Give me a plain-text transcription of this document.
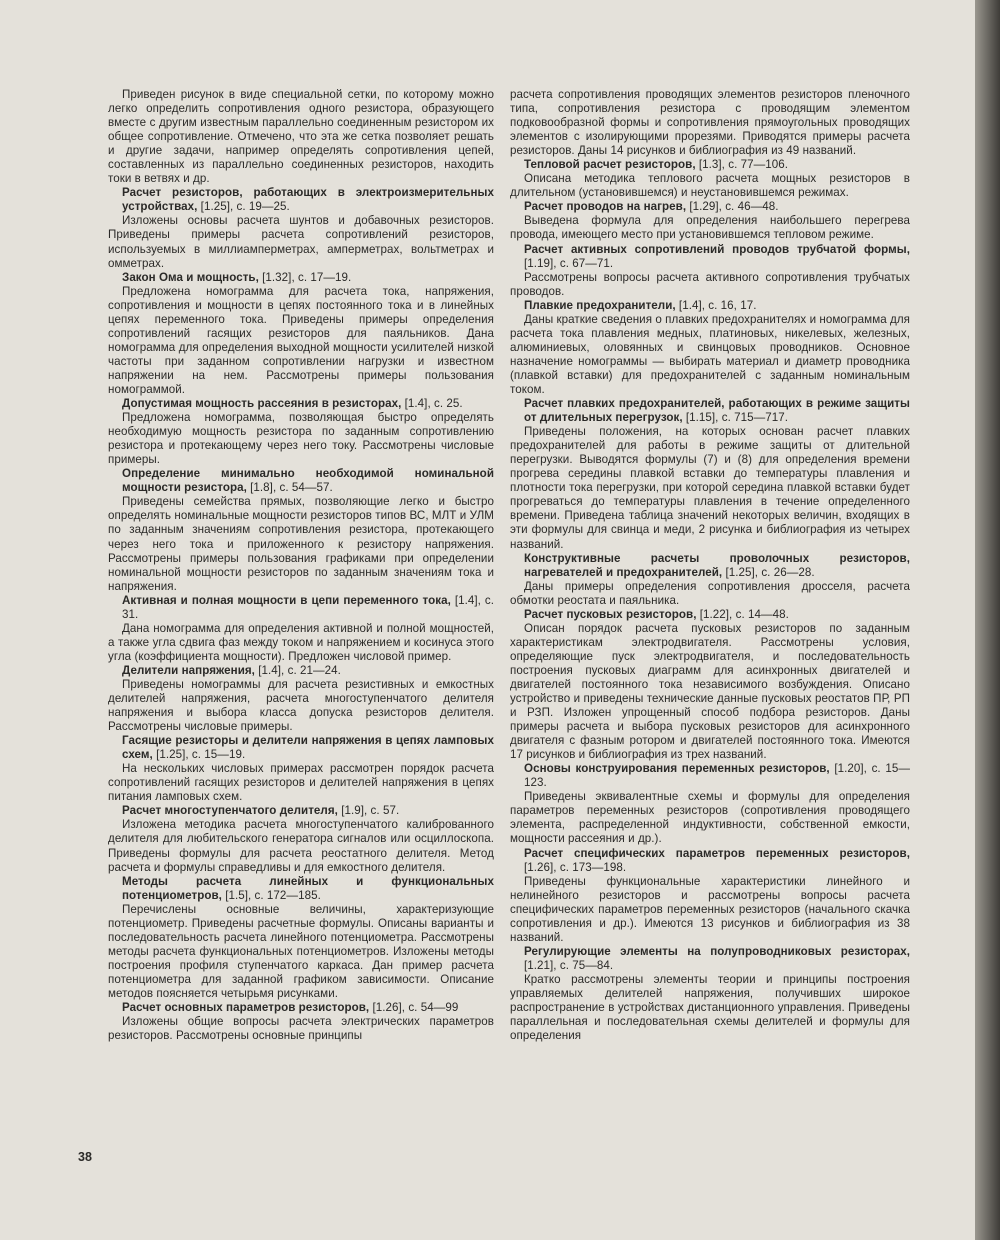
Приведен рисунок в виде специальной сетки, по которому можно легко определить сопротивления одного резистора, образующего вместе с другим известным параллельно соединенным резистором их общее сопротивление. Отмечено, что эта же сетка позволяет решать и другие задачи, например определять сопротивления цепей, составленных из параллельно соединенных резисторов, находить токи в ветвях и др.
Расчет резисторов, работающих в электроизмерительных устройствах, [1.25], с. 19—25.
Изложены основы расчета шунтов и добавочных резисторов. Приведены примеры расчета сопротивлений резисторов, используемых в миллиамперметрах, амперметрах, вольтметрах и омметрах.
Закон Ома и мощность, [1.32], с. 17—19.
Предложена номограмма для расчета тока, напряжения, сопротивления и мощности в цепях постоянного тока и в линейных цепях переменного тока. Приведены примеры определения сопротивлений гасящих резисторов для паяльников. Дана номограмма для определения выходной мощности усилителей низкой частоты при заданном сопротивлении нагрузки и известном напряжении на нем. Рассмотрены примеры пользования номограммой.
Допустимая мощность рассеяния в резисторах, [1.4], с. 25.
Предложена номограмма, позволяющая быстро определять необходимую мощность резистора по заданным сопротивлению резистора и протекающему через него току. Рассмотрены числовые примеры.
Определение минимально необходимой номинальной мощности резистора, [1.8], с. 54—57.
Приведены семейства прямых, позволяющие легко и быстро определять номинальные мощности резисторов типов ВС, МЛТ и УЛМ по заданным значениям сопротивления резистора, протекающего через него тока и приложенного к резистору напряжения. Рассмотрены примеры пользования графиками при определении номинальной мощности резисторов по заданным значениям тока и напряжения.
Активная и полная мощности в цепи переменного тока, [1.4], с. 31.
Дана номограмма для определения активной и полной мощностей, а также угла сдвига фаз между током и напряжением и косинуса этого угла (коэффициента мощности). Предложен числовой пример.
Делители напряжения, [1.4], с. 21—24.
Приведены номограммы для расчета резистивных и емкостных делителей напряжения, расчета многоступенчатого делителя напряжения и выбора класса допуска резисторов делителя. Рассмотрены числовые примеры.
Гасящие резисторы и делители напряжения в цепях ламповых схем, [1.25], с. 15—19.
На нескольких числовых примерах рассмотрен порядок расчета сопротивлений гасящих резисторов и делителей напряжения в цепях питания ламповых схем.
Расчет многоступенчатого делителя, [1.9], с. 57.
Изложена методика расчета многоступенчатого калиброванного делителя для любительского генератора сигналов или осциллоскопа. Приведены формулы для расчета реостатного делителя. Метод расчета и формулы справедливы и для емкостного делителя.
Методы расчета линейных и функциональных потенциометров, [1.5], с. 172—185.
Перечислены основные величины, характеризующие потенциометр. Приведены расчетные формулы. Описаны варианты и последовательность расчета линейного потенциометра. Рассмотрены методы расчета функциональных потенциометров. Изложены методы построения профиля ступенчатого каркаса. Дан пример расчета потенциометра для заданной графиком зависимости. Описание методов поясняется четырьмя рисунками.
Расчет основных параметров резисторов, [1.26], с. 54—99
Изложены общие вопросы расчета электрических параметров резисторов. Рассмотрены основные принципы
расчета сопротивления проводящих элементов резисторов пленочного типа, сопротивления резистора с проводящим элементом подковообразной формы и сопротивления прямоугольных проводящих элементов с изолирующими прорезями. Приводятся примеры расчета резисторов. Даны 14 рисунков и библиография из 49 названий.
Тепловой расчет резисторов, [1.3], с. 77—106.
Описана методика теплового расчета мощных резисторов в длительном (установившемся) и неустановившемся режимах.
Расчет проводов на нагрев, [1.29], с. 46—48.
Выведена формула для определения наибольшего перегрева провода, имеющего место при установившемся тепловом режиме.
Расчет активных сопротивлений проводов трубчатой формы, [1.19], с. 67—71.
Рассмотрены вопросы расчета активного сопротивления трубчатых проводов.
Плавкие предохранители, [1.4], с. 16, 17.
Даны краткие сведения о плавких предохранителях и номограмма для расчета тока плавления медных, платиновых, никелевых, железных, алюминиевых, оловянных и свинцовых проводников. Основное назначение номограммы — выбирать материал и диаметр проводника (плавкой вставки) для предохранителей с заданным номинальным током.
Расчет плавких предохранителей, работающих в режиме защиты от длительных перегрузок, [1.15], с. 715—717.
Приведены положения, на которых основан расчет плавких предохранителей для работы в режиме защиты от длительной перегрузки. Выводятся формулы (7) и (8) для определения времени прогрева середины плавкой вставки до температуры плавления и плотности тока перегрузки, при которой середина плавкой вставки будет прогреваться до температуры плавления в течение определенного времени. Приведена таблица значений некоторых величин, входящих в эти формулы для свинца и меди, 2 рисунка и библиография из четырех названий.
Конструктивные расчеты проволочных резисторов, нагревателей и предохранителей, [1.25], с. 26—28.
Даны примеры определения сопротивления дросселя, расчета обмотки реостата и паяльника.
Расчет пусковых резисторов, [1.22], с. 14—48.
Описан порядок расчета пусковых резисторов по заданным характеристикам электродвигателя. Рассмотрены условия, определяющие пуск электродвигателя, и последовательность построения пусковых диаграмм для асинхронных двигателей и двигателей постоянного тока независимого возбуждения. Описано устройство и приведены технические данные пусковых реостатов ПР, РП и РЗП. Изложен упрощенный способ подбора резисторов. Даны примеры расчета и выбора пусковых резисторов для асинхронного двигателя с фазным ротором и двигателей постоянного тока. Имеются 17 рисунков и библиография из трех названий.
Основы конструирования переменных резисторов, [1.20], с. 15—123.
Приведены эквивалентные схемы и формулы для определения параметров переменных резисторов (сопротивления проводящего элемента, распределенной индуктивности, собственной емкости, мощности рассеяния и др.).
Расчет специфических параметров переменных резисторов, [1.26], с. 173—198.
Приведены функциональные характеристики линейного и нелинейного резисторов и рассмотрены вопросы расчета специфических параметров переменных резисторов (начального скачка сопротивления и др.). Имеются 13 рисунков и библиография из 38 названий.
Регулирующие элементы на полупроводниковых резисторах, [1.21], с. 75—84.
Кратко рассмотрены элементы теории и принципы построения управляемых делителей напряжения, получивших широкое распространение в устройствах дистанционного управления. Приведены параллельная и последовательная схемы делителей и формулы для определения
38
